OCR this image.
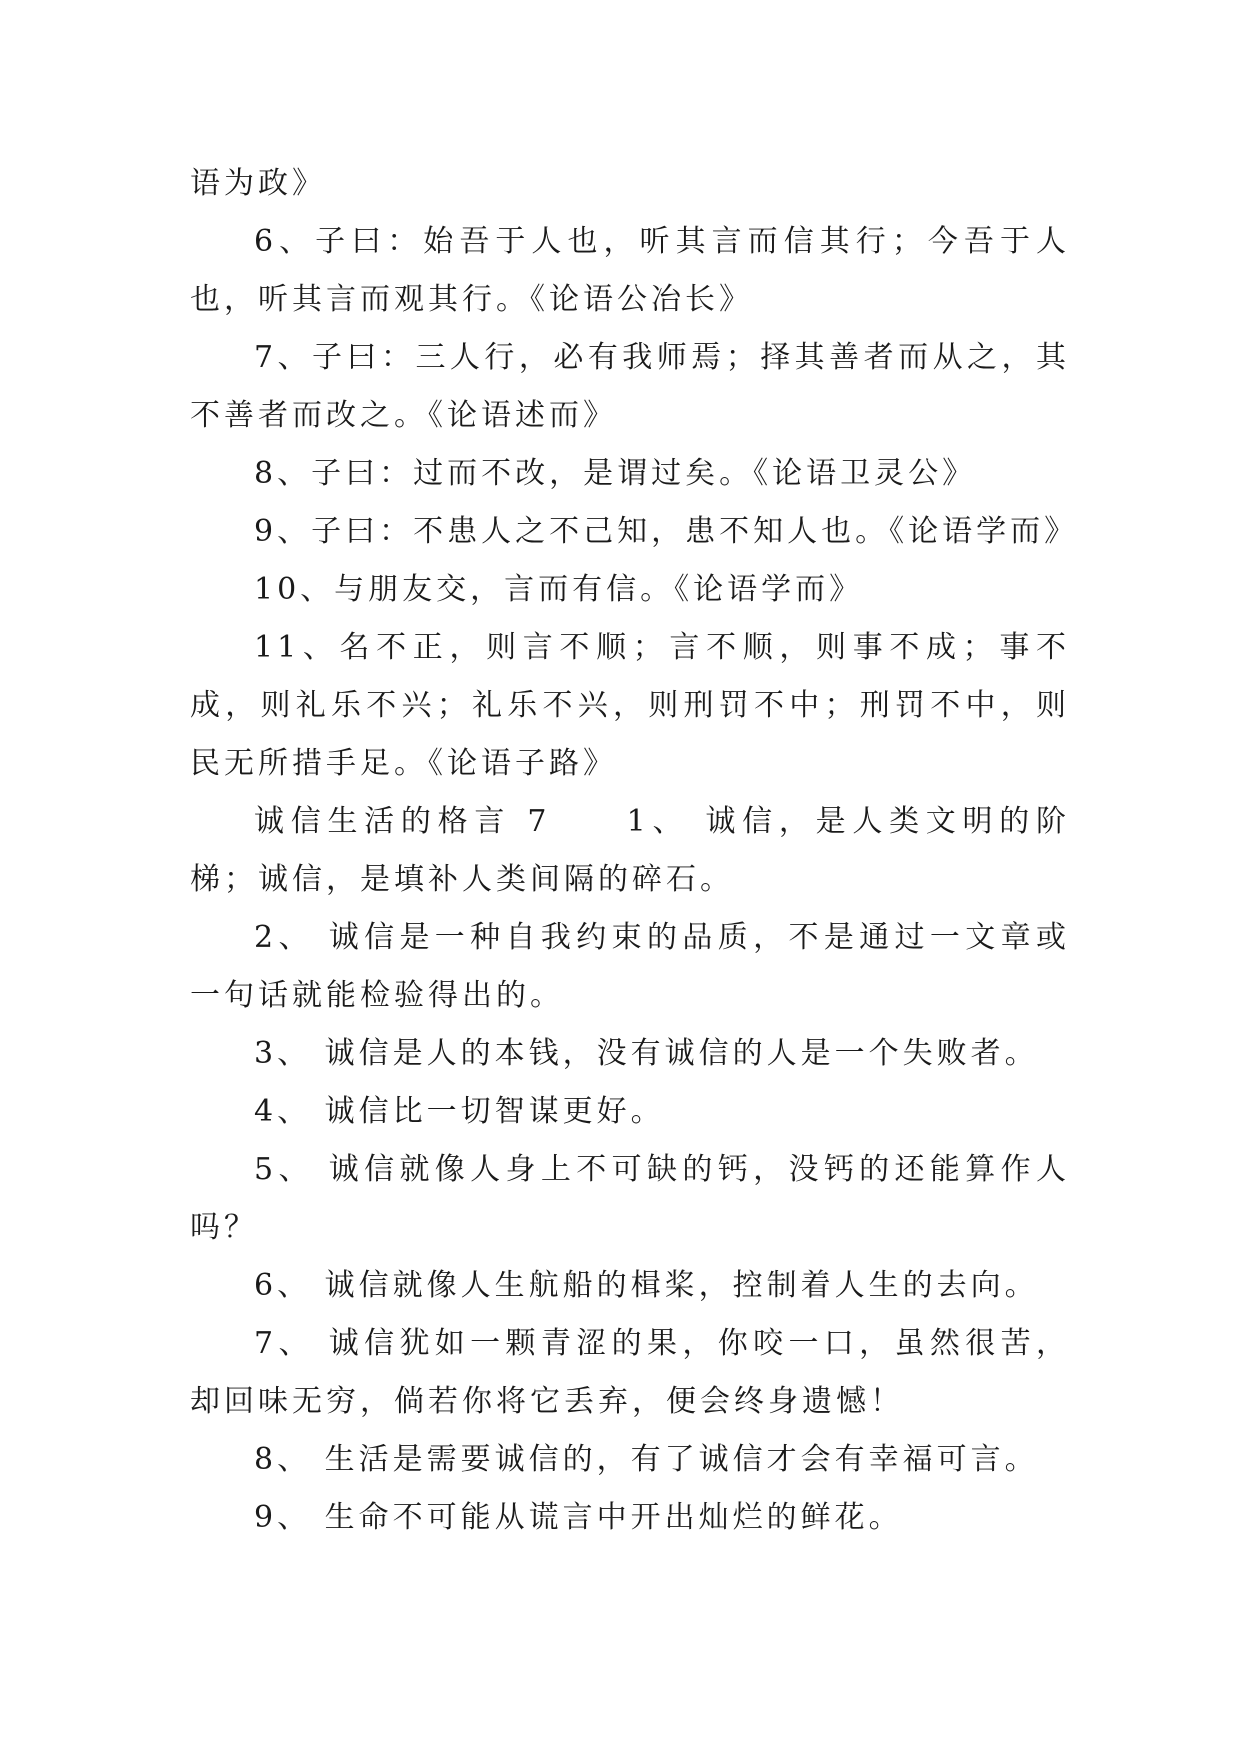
语为政》

6、子曰：始吾于人也，听其言而信其行；今吾于人也，听其言而观其行。《论语公冶长》

7、子曰：三人行，必有我师焉；择其善者而从之，其不善者而改之。《论语述而》

8、子曰：过而不改，是谓过矣。《论语卫灵公》

9、子曰：不患人之不己知，患不知人也。《论语学而》

10、与朋友交，言而有信。《论语学而》

11、名不正，则言不顺；言不顺，则事不成；事不成，则礼乐不兴；礼乐不兴，则刑罚不中；刑罚不中，则民无所措手足。《论语子路》

诚信生活的格言 7　　1、 诚信，是人类文明的阶梯；诚信，是填补人类间隔的碎石。

2、 诚信是一种自我约束的品质，不是通过一文章或一句话就能检验得出的。

3、 诚信是人的本钱，没有诚信的人是一个失败者。

4、 诚信比一切智谋更好。

5、 诚信就像人身上不可缺的钙，没钙的还能算作人吗？

6、 诚信就像人生航船的楫桨，控制着人生的去向。

7、 诚信犹如一颗青涩的果，你咬一口，虽然很苦，却回味无穷，倘若你将它丢弃，便会终身遗憾！

8、 生活是需要诚信的，有了诚信才会有幸福可言。

9、 生命不可能从谎言中开出灿烂的鲜花。
